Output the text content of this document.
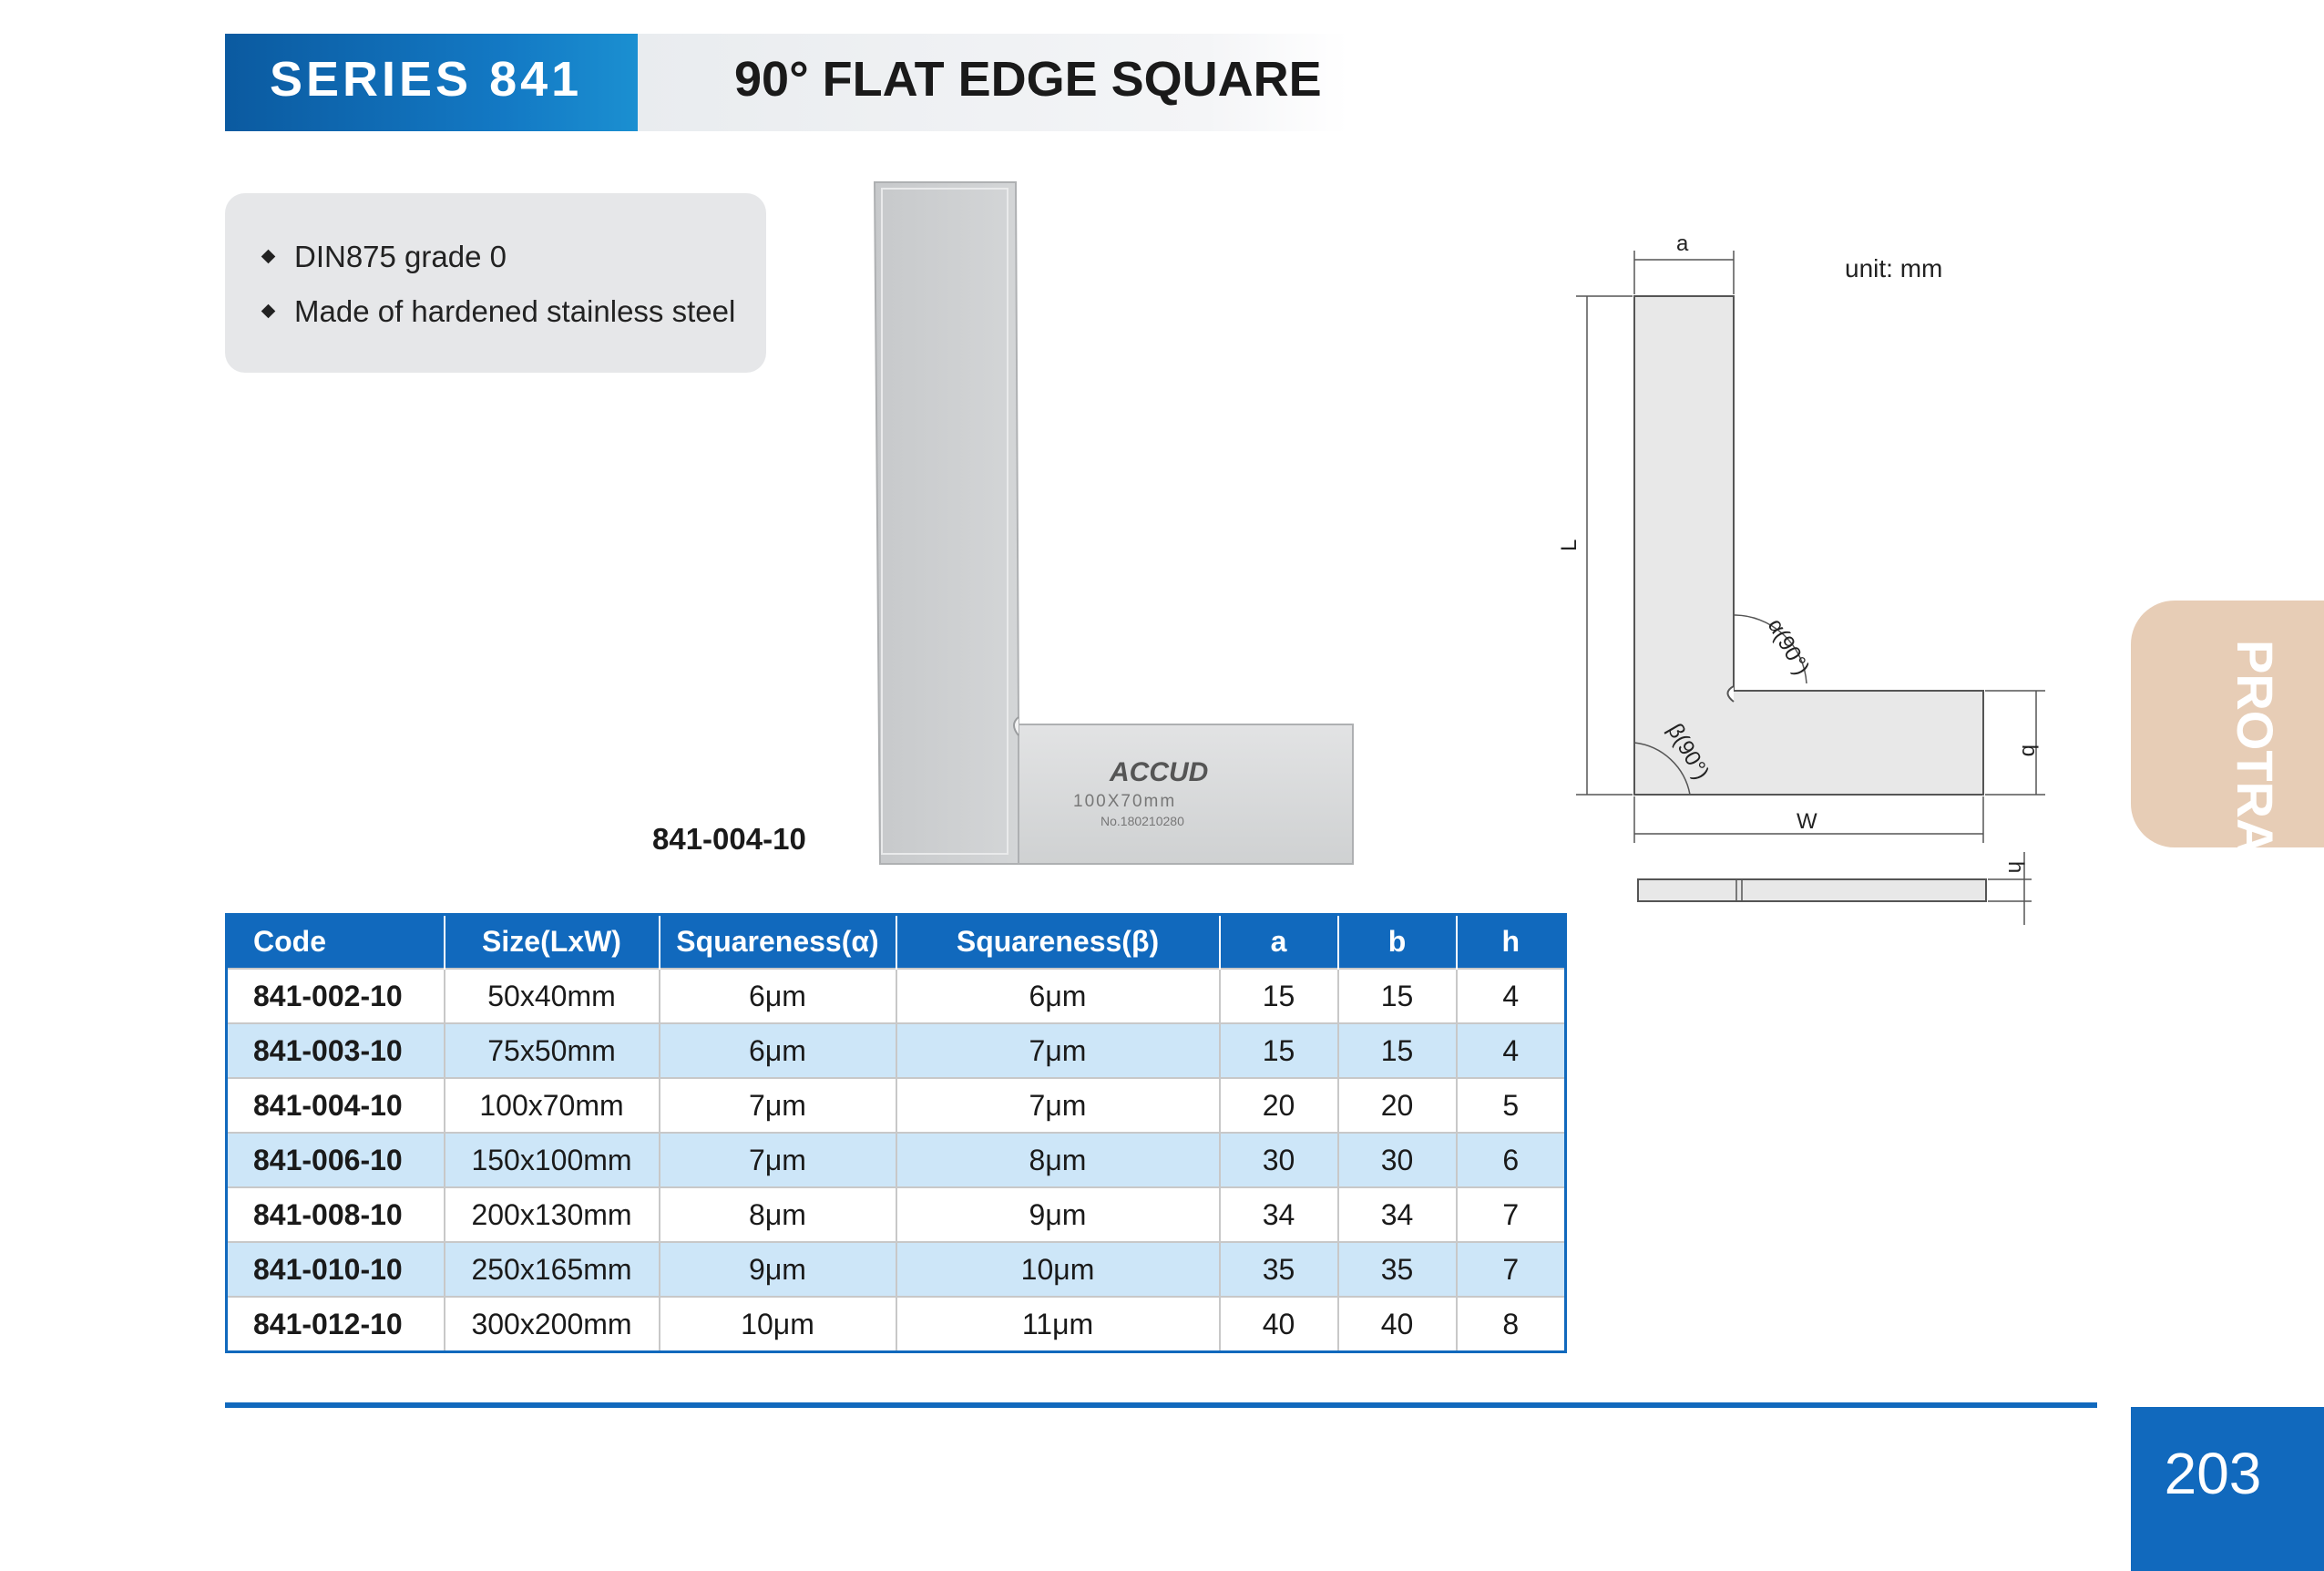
SERIES 841	90° FLAT EDGE SQUARE
DIN875 grade 0
Made of hardened stainless steel
ACCUD
100X70mm
No.180210280
841-004-10
unit: mm
a
L
b
W
α(90°)
β(90°)
h
Code	Size(LxW)	Squareness(α)	Squareness(β)	a	b	h
841-002-10	50x40mm	6μm	6μm	15	15	4
841-003-10	75x50mm	6μm	7μm	15	15	4
841-004-10	100x70mm	7μm	7μm	20	20	5
841-006-10	150x100mm	7μm	8μm	30	30	6
841-008-10	200x130mm	8μm	9μm	34	34	7
841-010-10	250x165mm	9μm	10μm	35	35	7
841-012-10	300x200mm	10μm	11μm	40	40	8
203
PROTRACTOR
